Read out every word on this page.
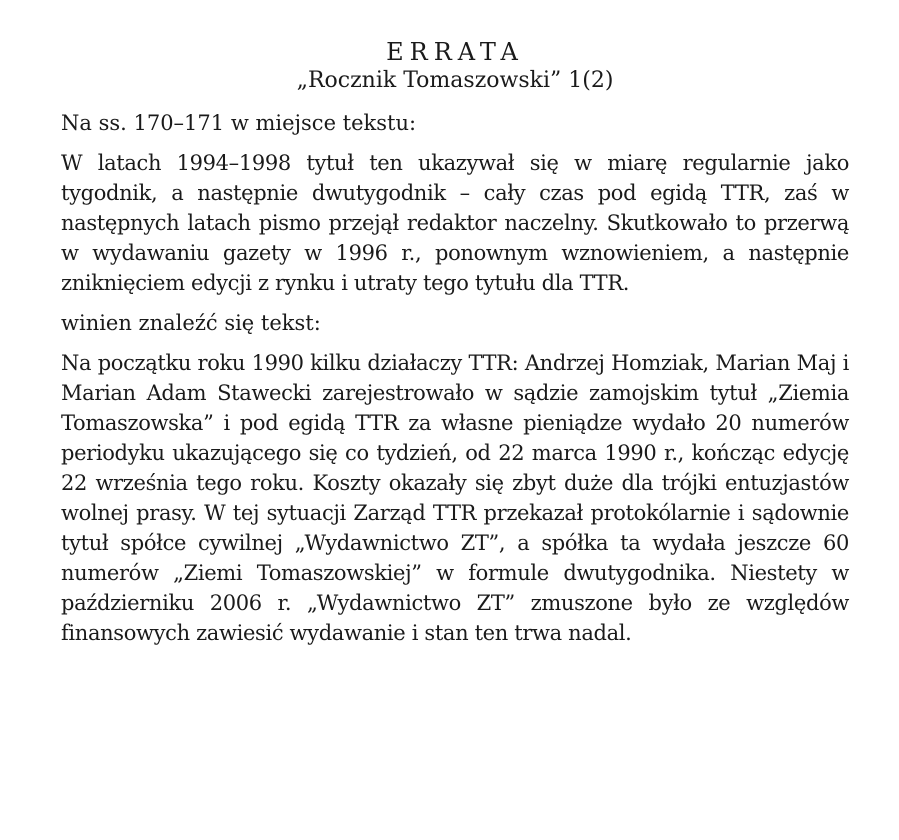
ERRATA
„Rocznik Tomaszowski” 1(2)

Na ss. 170–171 w miejsce tekstu:

W latach 1994–1998 tytuł ten ukazywał się w miarę regularnie jako tygodnik, a następnie dwutygodnik – cały czas pod egidą TTR, zaś w następnych latach pismo przejął redaktor naczelny. Skutkowało to przerwą w wydawaniu gazety w 1996 r., ponownym wznowieniem, a następnie zniknięciem edycji z rynku i utraty tego tytułu dla TTR.

winien znaleźć się tekst:

Na początku roku 1990 kilku działaczy TTR: Andrzej Homziak, Marian Maj i Marian Adam Stawecki zarejestrowało w sądzie zamojskim tytuł „Ziemia Tomaszowska” i pod egidą TTR za własne pieniądze wydało 20 numerów periodyku ukazującego się co tydzień, od 22 marca 1990 r., kończąc edycję 22 września tego roku. Koszty okazały się zbyt duże dla trójki entuzjastów wolnej prasy. W tej sytuacji Zarząd TTR przekazał protokólarnie i sądownie tytuł spółce cywilnej „Wydawnictwo ZT”, a spółka ta wydała jeszcze 60 numerów „Ziemi Tomaszowskiej” w formule dwutygodnika. Niestety w październiku 2006 r. „Wydawnictwo ZT” zmuszone było ze względów finansowych zawiesić wydawanie i stan ten trwa nadal.
